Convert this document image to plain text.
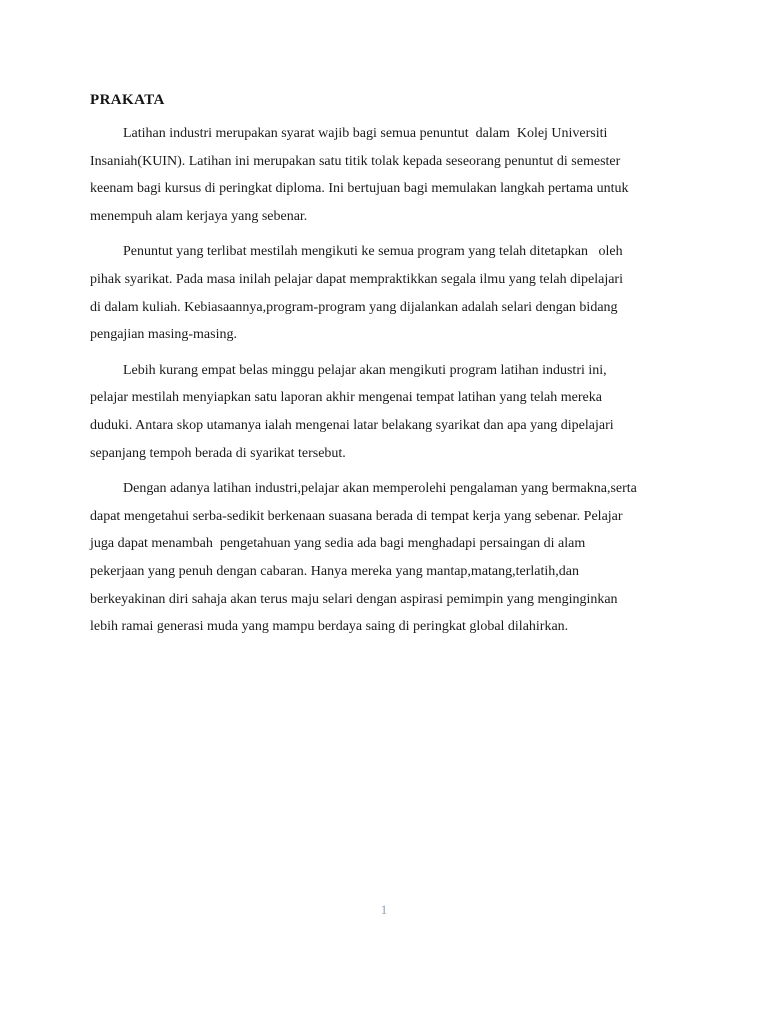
PRAKATA
Latihan industri merupakan syarat wajib bagi semua penuntut  dalam  Kolej Universiti
Insaniah(KUIN). Latihan ini merupakan satu titik tolak kepada seseorang penuntut di semester
keenam bagi kursus di peringkat diploma. Ini bertujuan bagi memulakan langkah pertama untuk
menempuh alam kerjaya yang sebenar.
Penuntut yang terlibat mestilah mengikuti ke semua program yang telah ditetapkan   oleh
pihak syarikat. Pada masa inilah pelajar dapat mempraktikkan segala ilmu yang telah dipelajari
di dalam kuliah. Kebiasaannya,program-program yang dijalankan adalah selari dengan bidang
pengajian masing-masing.
Lebih kurang empat belas minggu pelajar akan mengikuti program latihan industri ini,
pelajar mestilah menyiapkan satu laporan akhir mengenai tempat latihan yang telah mereka
duduki. Antara skop utamanya ialah mengenai latar belakang syarikat dan apa yang dipelajari
sepanjang tempoh berada di syarikat tersebut.
Dengan adanya latihan industri,pelajar akan memperolehi pengalaman yang bermakna,serta
dapat mengetahui serba-sedikit berkenaan suasana berada di tempat kerja yang sebenar. Pelajar
juga dapat menambah  pengetahuan yang sedia ada bagi menghadapi persaingan di alam
pekerjaan yang penuh dengan cabaran. Hanya mereka yang mantap,matang,terlatih,dan
berkeyakinan diri sahaja akan terus maju selari dengan aspirasi pemimpin yang menginginkan
lebih ramai generasi muda yang mampu berdaya saing di peringkat global dilahirkan.
1
